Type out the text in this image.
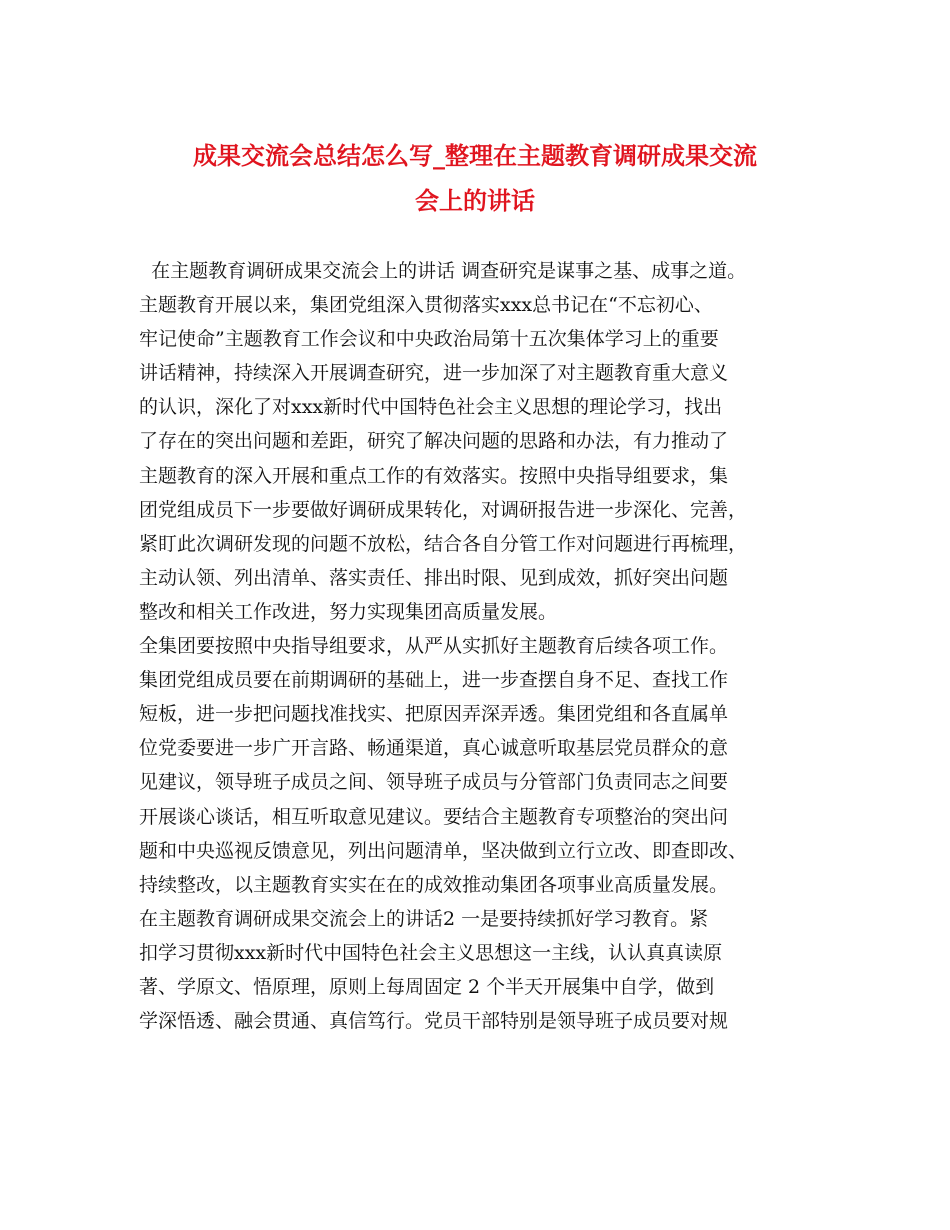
成果交流会总结怎么写_整理在主题教育调研成果交流
会上的讲话
在主题教育调研成果交流会上的讲话 调查研究是谋事之基、成事之道。
主题教育开展以来，集团党组深入贯彻落实xxx总书记在“不忘初心、
牢记使命”主题教育工作会议和中央政治局第十五次集体学习上的重要
讲话精神，持续深入开展调查研究，进一步加深了对主题教育重大意义
的认识，深化了对xxx新时代中国特色社会主义思想的理论学习，找出
了存在的突出问题和差距，研究了解决问题的思路和办法，有力推动了
主题教育的深入开展和重点工作的有效落实。按照中央指导组要求，集
团党组成员下一步要做好调研成果转化，对调研报告进一步深化、完善，
紧盯此次调研发现的问题不放松，结合各自分管工作对问题进行再梳理，
主动认领、列出清单、落实责任、排出时限、见到成效，抓好突出问题
整改和相关工作改进，努力实现集团高质量发展。
全集团要按照中央指导组要求，从严从实抓好主题教育后续各项工作。
集团党组成员要在前期调研的基础上，进一步查摆自身不足、查找工作
短板，进一步把问题找准找实、把原因弄深弄透。集团党组和各直属单
位党委要进一步广开言路、畅通渠道，真心诚意听取基层党员群众的意
见建议，领导班子成员之间、领导班子成员与分管部门负责同志之间要
开展谈心谈话，相互听取意见建议。要结合主题教育专项整治的突出问
题和中央巡视反馈意见，列出问题清单，坚决做到立行立改、即查即改、
持续整改，以主题教育实实在在的成效推动集团各项事业高质量发展。
在主题教育调研成果交流会上的讲话2 一是要持续抓好学习教育。紧
扣学习贯彻xxx新时代中国特色社会主义思想这一主线，认认真真读原
著、学原文、悟原理，原则上每周固定 2 个半天开展集中自学，做到
学深悟透、融会贯通、真信笃行。党员干部特别是领导班子成员要对规
